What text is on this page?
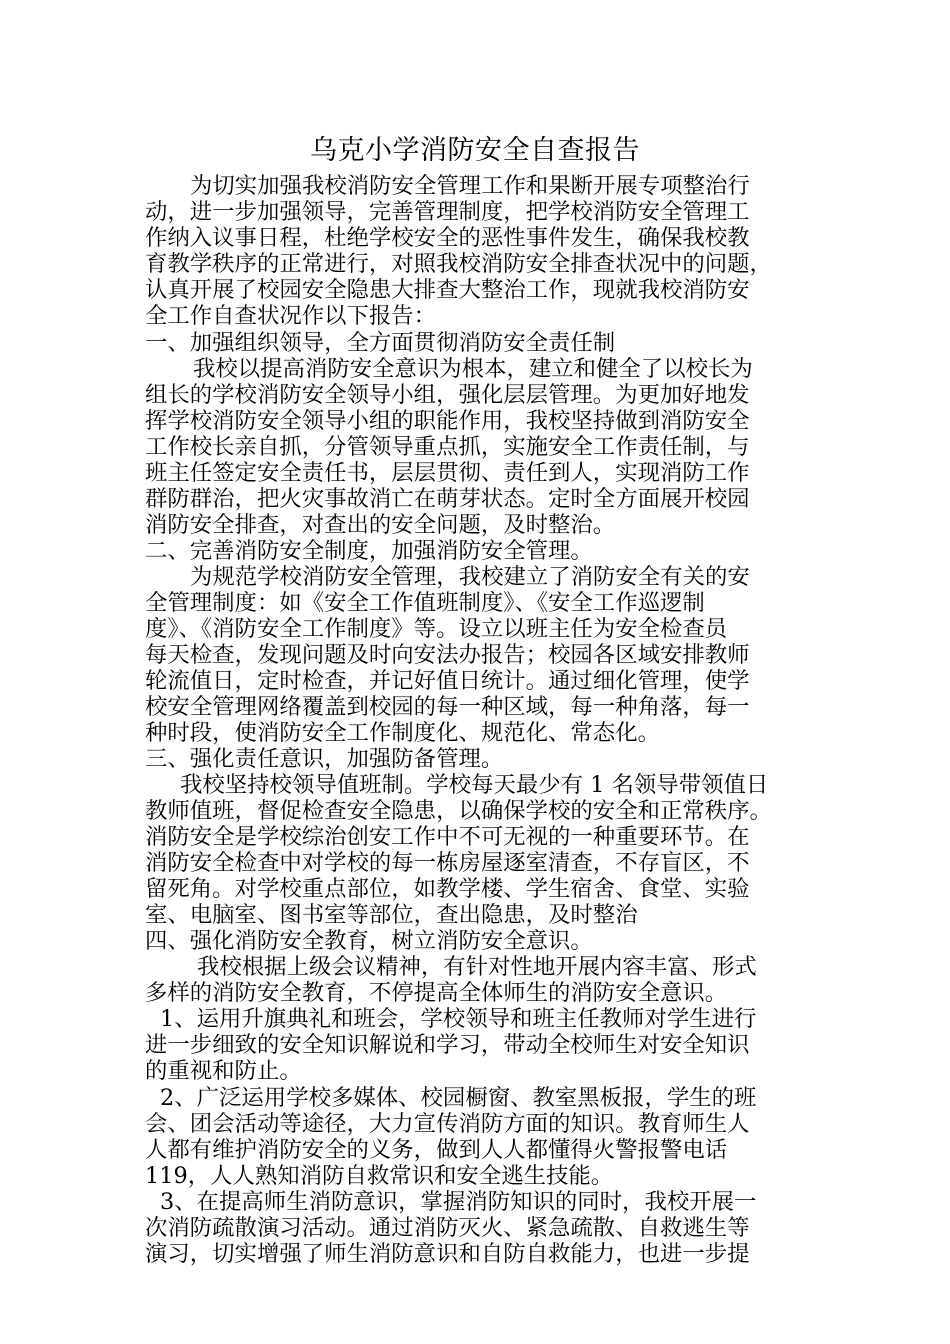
乌克小学消防安全自查报告
为切实加强我校消防安全管理工作和果断开展专项整治行
动，进一步加强领导，完善管理制度，把学校消防安全管理工
作纳入议事日程，杜绝学校安全的恶性事件发生，确保我校教
育教学秩序的正常进行，对照我校消防安全排查状况中的问题，
认真开展了校园安全隐患大排查大整治工作，现就我校消防安
全工作自查状况作以下报告：
一、加强组织领导，全方面贯彻消防安全责任制
我校以提高消防安全意识为根本，建立和健全了以校长为
组长的学校消防安全领导小组，强化层层管理。为更加好地发
挥学校消防安全领导小组的职能作用，我校坚持做到消防安全
工作校长亲自抓，分管领导重点抓，实施安全工作责任制，与
班主任签定安全责任书，层层贯彻、责任到人，实现消防工作
群防群治，把火灾事故消亡在萌芽状态。定时全方面展开校园
消防安全排查，对查出的安全问题，及时整治。
二、完善消防安全制度，加强消防安全管理。
为规范学校消防安全管理，我校建立了消防安全有关的安
全管理制度：如《安全工作值班制度》、《安全工作巡逻制
度》、《消防安全工作制度》等。设立以班主任为安全检查员
每天检查，发现问题及时向安法办报告；校园各区域安排教师
轮流值日，定时检查，并记好值日统计。通过细化管理，使学
校安全管理网络覆盖到校园的每一种区域，每一种角落，每一
种时段，使消防安全工作制度化、规范化、常态化。
三、强化责任意识，加强防备管理。
我校坚持校领导值班制。学校每天最少有 1 名领导带领值日
教师值班，督促检查安全隐患，以确保学校的安全和正常秩序。
消防安全是学校综治创安工作中不可无视的一种重要环节。在
消防安全检查中对学校的每一栋房屋逐室清查，不存盲区，不
留死角。对学校重点部位，如教学楼、学生宿舍、食堂、实验
室、电脑室、图书室等部位，查出隐患，及时整治
四、强化消防安全教育，树立消防安全意识。
我校根据上级会议精神，有针对性地开展内容丰富、形式
多样的消防安全教育，不停提高全体师生的消防安全意识。
1、运用升旗典礼和班会，学校领导和班主任教师对学生进行
进一步细致的安全知识解说和学习，带动全校师生对安全知识
的重视和防止。
2、广泛运用学校多媒体、校园橱窗、教室黑板报，学生的班
会、团会活动等途径，大力宣传消防方面的知识。教育师生人
人都有维护消防安全的义务，做到人人都懂得火警报警电话
119，人人熟知消防自救常识和安全逃生技能。
3、在提高师生消防意识，掌握消防知识的同时，我校开展一
次消防疏散演习活动。通过消防灭火、紧急疏散、自救逃生等
演习，切实增强了师生消防意识和自防自救能力，也进一步提
